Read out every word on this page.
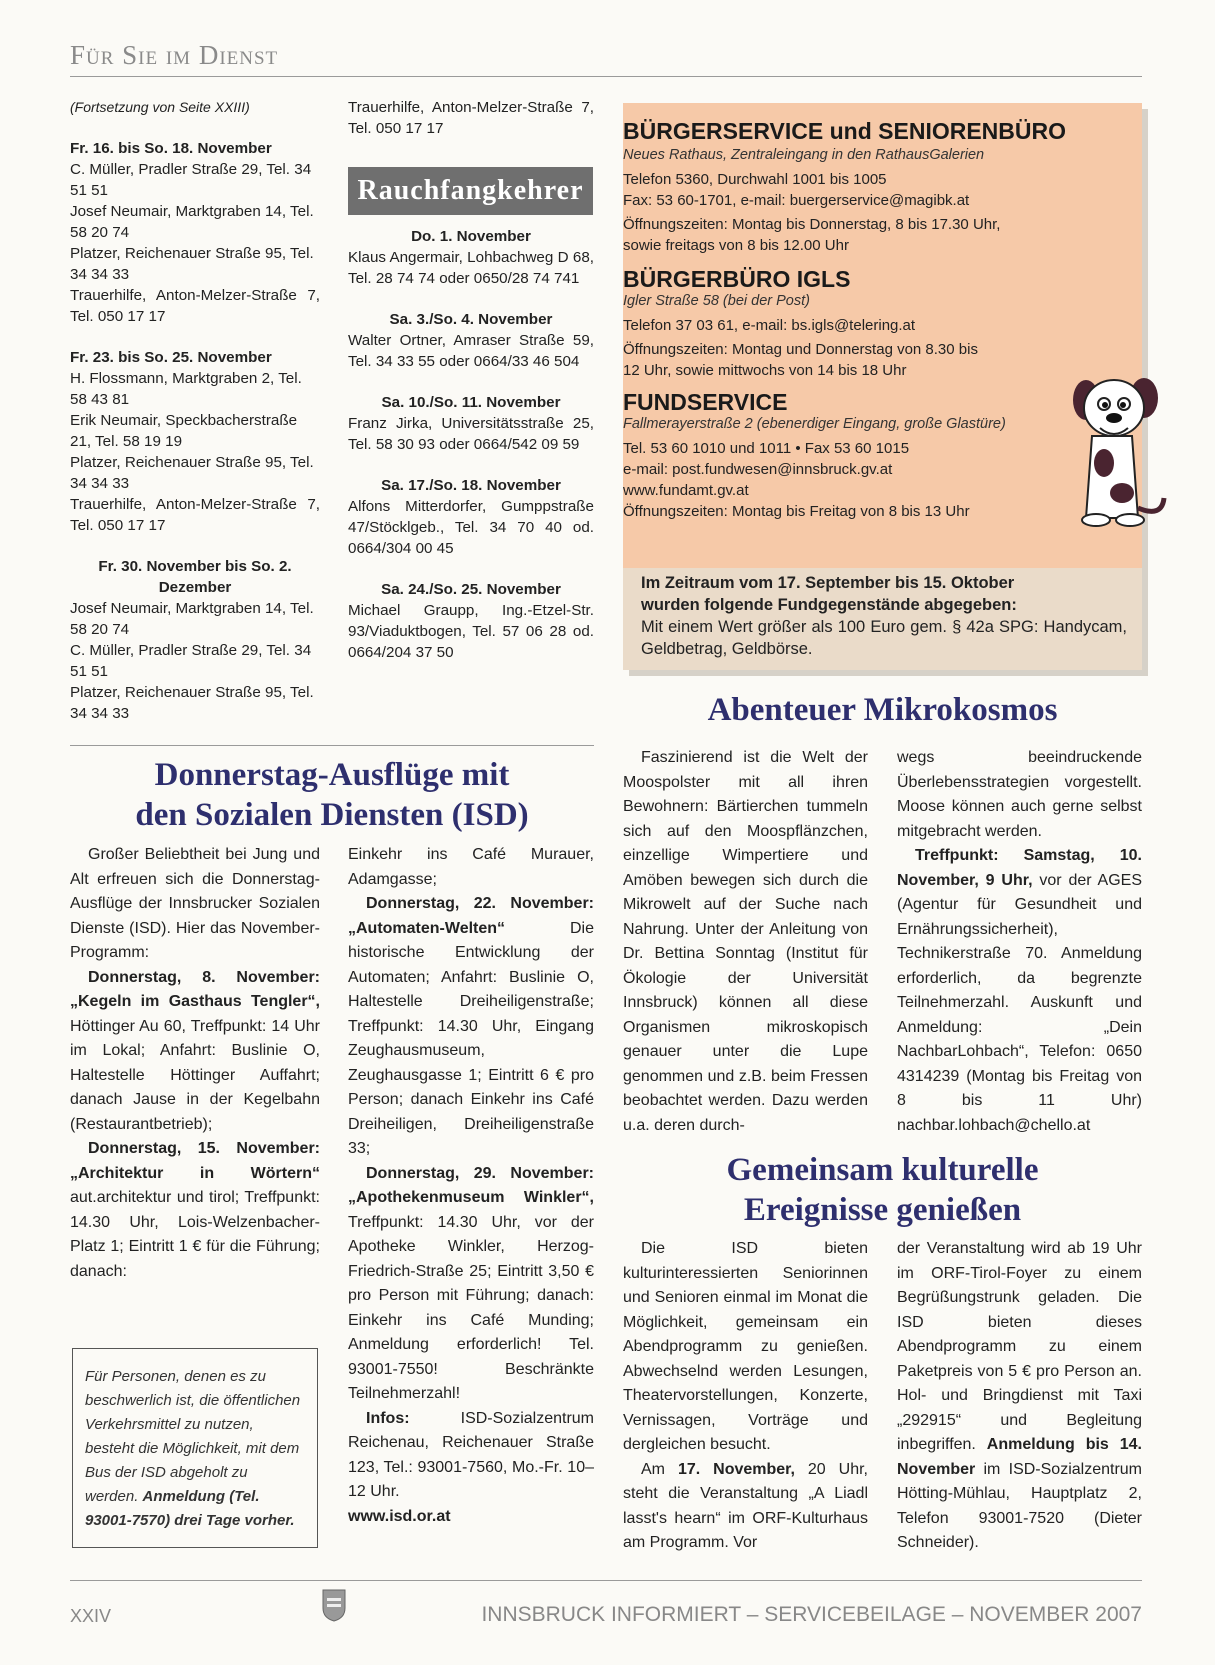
Für Sie im Dienst

(Fortsetzung von Seite XXIII)

Fr. 16. bis So. 18. November

C. Müller, Pradler Straße 29, Tel. 34 51 51

Josef Neumair, Marktgraben 14, Tel. 58 20 74

Platzer, Reichenauer Straße 95, Tel. 34 34 33

Trauerhilfe, Anton-Melzer-Straße 7, Tel. 050 17 17

Fr. 23. bis So. 25. November

H. Flossmann, Marktgraben 2, Tel. 58 43 81

Erik Neumair, Speckbacherstraße 21, Tel. 58 19 19

Platzer, Reichenauer Straße 95, Tel. 34 34 33

Trauerhilfe, Anton-Melzer-Straße 7, Tel. 050 17 17

Fr. 30. November bis So. 2. Dezember

Josef Neumair, Marktgraben 14, Tel. 58 20 74

C. Müller, Pradler Straße 29, Tel. 34 51 51

Platzer, Reichenauer Straße 95, Tel. 34 34 33

Trauerhilfe, Anton-Melzer-Straße 7, Tel. 050 17 17

Rauchfangkehrer

Do. 1. November

Klaus Angermair, Lohbachweg D 68, Tel. 28 74 74 oder 0650/28 74 741

Sa. 3./So. 4. November

Walter Ortner, Amraser Straße 59, Tel. 34 33 55 oder 0664/33 46 504

Sa. 10./So. 11. November

Franz Jirka, Universitätsstraße 25, Tel. 58 30 93 oder 0664/542 09 59

Sa. 17./So. 18. November

Alfons Mitterdorfer, Gumppstraße 47/Stöcklgeb., Tel. 34 70 40 od. 0664/304 00 45

Sa. 24./So. 25. November

Michael Graupp, Ing.-Etzel-Str. 93/Viaduktbogen, Tel. 57 06 28 od. 0664/204 37 50

BÜRGERSERVICE und SENIORENBÜRO
Neues Rathaus, Zentraleingang in den RathausGalerien
Telefon 5360, Durchwahl 1001 bis 1005
Fax: 53 60-1701, e-mail: buergerservice@magibk.at
Öffnungszeiten: Montag bis Donnerstag, 8 bis 17.30 Uhr,
sowie freitags von 8 bis 12.00 Uhr
BÜRGERBÜRO IGLS
Igler Straße 58 (bei der Post)
Telefon 37 03 61, e-mail: bs.igls@telering.at
Öffnungszeiten: Montag und Donnerstag von 8.30 bis
12 Uhr, sowie mittwochs von 14 bis 18 Uhr
FUNDSERVICE
Fallmerayerstraße 2 (ebenerdiger Eingang, große Glastüre)
Tel. 53 60 1010 und 1011 • Fax 53 60 1015
e-mail: post.fundwesen@innsbruck.gv.at
www.fundamt.gv.at
Öffnungszeiten: Montag bis Freitag von 8 bis 13 Uhr
Im Zeitraum vom 17. September bis 15. Oktober
wurden folgende Fundgegenstände abgegeben:
Mit einem Wert größer als 100 Euro gem. § 42a SPG: Handycam, Geldbetrag, Geldbörse.
Donnerstag-Ausflüge mit
den Sozialen Diensten (ISD)

Großer Beliebtheit bei Jung und Alt erfreuen sich die Donnerstag-Ausflüge der Innsbrucker Sozialen Dienste (ISD). Hier das November-Programm:

Donnerstag, 8. November: „Kegeln im Gasthaus Tengler“, Höttinger Au 60, Treffpunkt: 14 Uhr im Lokal; Anfahrt: Buslinie O, Haltestelle Höttinger Auffahrt; danach Jause in der Kegelbahn (Restaurantbetrieb);

Donnerstag, 15. November: „Architektur in Wörtern“ aut.architektur und tirol; Treffpunkt: 14.30 Uhr, Lois-Welzenbacher-Platz 1; Eintritt 1 € für die Führung; danach:

Für Personen, denen es zu beschwerlich ist, die öffentlichen Verkehrsmittel zu nutzen, besteht die Möglichkeit, mit dem Bus der ISD abgeholt zu werden. Anmeldung (Tel. 93001-7570) drei Tage vorher.

Einkehr ins Café Murauer, Adamgasse;

Donnerstag, 22. November: „Automaten-Welten“	Die historische Entwicklung der Automaten; Anfahrt: Buslinie O, Haltestelle Dreiheiligenstraße; Treffpunkt: 14.30 Uhr, Eingang Zeughausmuseum, Zeughausgasse 1; Eintritt 6 € pro Person; danach Einkehr ins Café Dreiheiligen, Dreiheiligenstraße 33;

Donnerstag, 29. November: „Apothekenmuseum Winkler“, Treffpunkt: 14.30 Uhr, vor der Apotheke Winkler, Herzog-Friedrich-Straße 25; Eintritt 3,50 € pro Person mit Führung; danach: Einkehr ins Café Munding; Anmeldung erforderlich! Tel. 93001-7550! Beschränkte Teilnehmerzahl!

Infos:	ISD-Sozialzentrum Reichenau, Reichenauer Straße 123, Tel.: 93001-7560, Mo.-Fr. 10–12 Uhr.

www.isd.or.at

Abenteuer Mikrokosmos

Faszinierend ist die Welt der Moospolster mit all ihren Bewohnern: Bärtierchen tummeln sich auf den Moospflänzchen, einzellige Wimpertiere und Amöben bewegen sich durch die Mikrowelt auf der Suche nach Nahrung. Unter der Anleitung von Dr. Bettina Sonntag (Institut für Ökologie der Universität Innsbruck) können all diese Organismen mikroskopisch genauer unter die Lupe genommen und z.B. beim Fressen beobachtet werden. Dazu werden u.a. deren durch-

wegs beeindruckende Überlebensstrategien vorgestellt. Moose können auch gerne selbst mitgebracht werden.

Treffpunkt: Samstag, 10. November, 9 Uhr, vor der AGES (Agentur für Gesundheit und Ernährungssicherheit), Technikerstraße 70. Anmeldung erforderlich, da begrenzte Teilnehmerzahl. Auskunft und Anmeldung: „Dein NachbarLohbach“, Telefon: 0650 4314239 (Montag bis Freitag von 8 bis 11 Uhr) nachbar.lohbach@chello.at

Gemeinsam kulturelle
Ereignisse genießen

Die ISD bieten kulturinteressierten Seniorinnen und Senioren einmal im Monat die Möglichkeit, gemeinsam ein Abendprogramm zu genießen. Abwechselnd werden Lesungen, Theatervorstellungen, Konzerte, Vernissagen, Vorträge und dergleichen besucht.

Am 17. November, 20 Uhr, steht die Veranstaltung „A Liadl lasst's hearn“ im ORF-Kulturhaus am Programm. Vor

der Veranstaltung wird ab 19 Uhr im ORF-Tirol-Foyer zu einem Begrüßungstrunk geladen. Die ISD bieten dieses Abendprogramm zu einem Paketpreis von 5 € pro Person an. Hol- und Bringdienst mit Taxi „292915“ und Begleitung inbegriffen. Anmeldung bis 14. November im ISD-Sozialzentrum Hötting-Mühlau, Hauptplatz 2, Telefon 93001-7520 (Dieter Schneider).

XXIV	INNSBRUCK INFORMIERT – SERVICEBEILAGE – NOVEMBER 2007
